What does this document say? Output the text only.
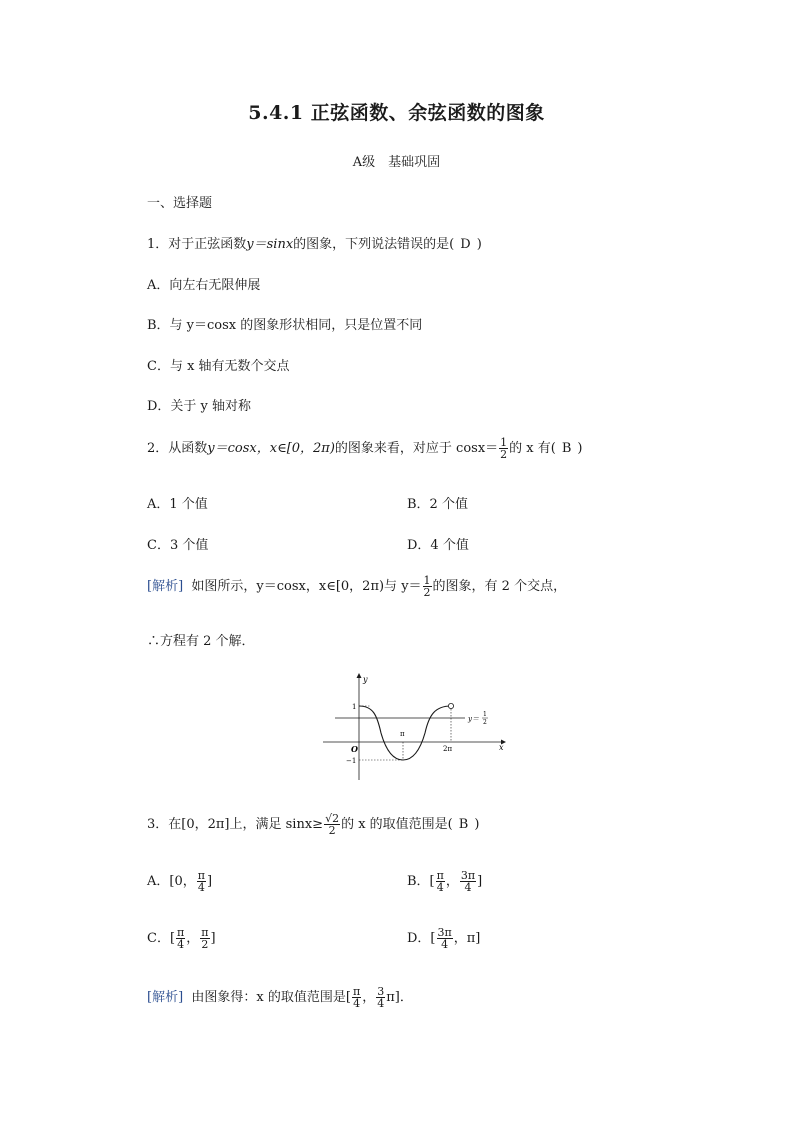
5.4.1 正弦函数、余弦函数的图象
A级　基础巩固
一、选择题
1．对于正弦函数y＝sinx的图象，下列说法错误的是( D )
A．向左右无限伸展
B．与 y＝cosx 的图象形状相同，只是位置不同
C．与 x 轴有无数个交点
D．关于 y 轴对称
2．从函数y＝cosx，x∈[0，2π)的图象来看，对应于 $\cos x= \frac{1}{2}$ 的 x 有( B )
A．1 个值	B．2 个值
C．3 个值	D．4 个值
[解析] 如图所示，y＝cosx，x∈[0，2π)与 $y= \frac{1}{2}$ 的图象，有 2 个交点，
∴方程有 2 个解．
y
x
O
1
−1
π
2π
y＝
1
2
3．在[0，2π]上，满足 $\sin x\ge \frac{√2}{2}$ 的 x 的取值范围是( B )
A．[0， $\frac{\pi}{4}$ ]	B．[ $\frac{\pi}{4}$ ， $\frac{3\pi}{4}$ ]
C．[ $\frac{\pi}{4}$ ， $\frac{\pi}{2}$ ]	D．[ $\frac{3\pi}{4}$ ，π]
[解析] 由图象得：x 的取值范围是[ $\frac{\pi}{4}$ ， $\frac{3}{4} \pi$]．
